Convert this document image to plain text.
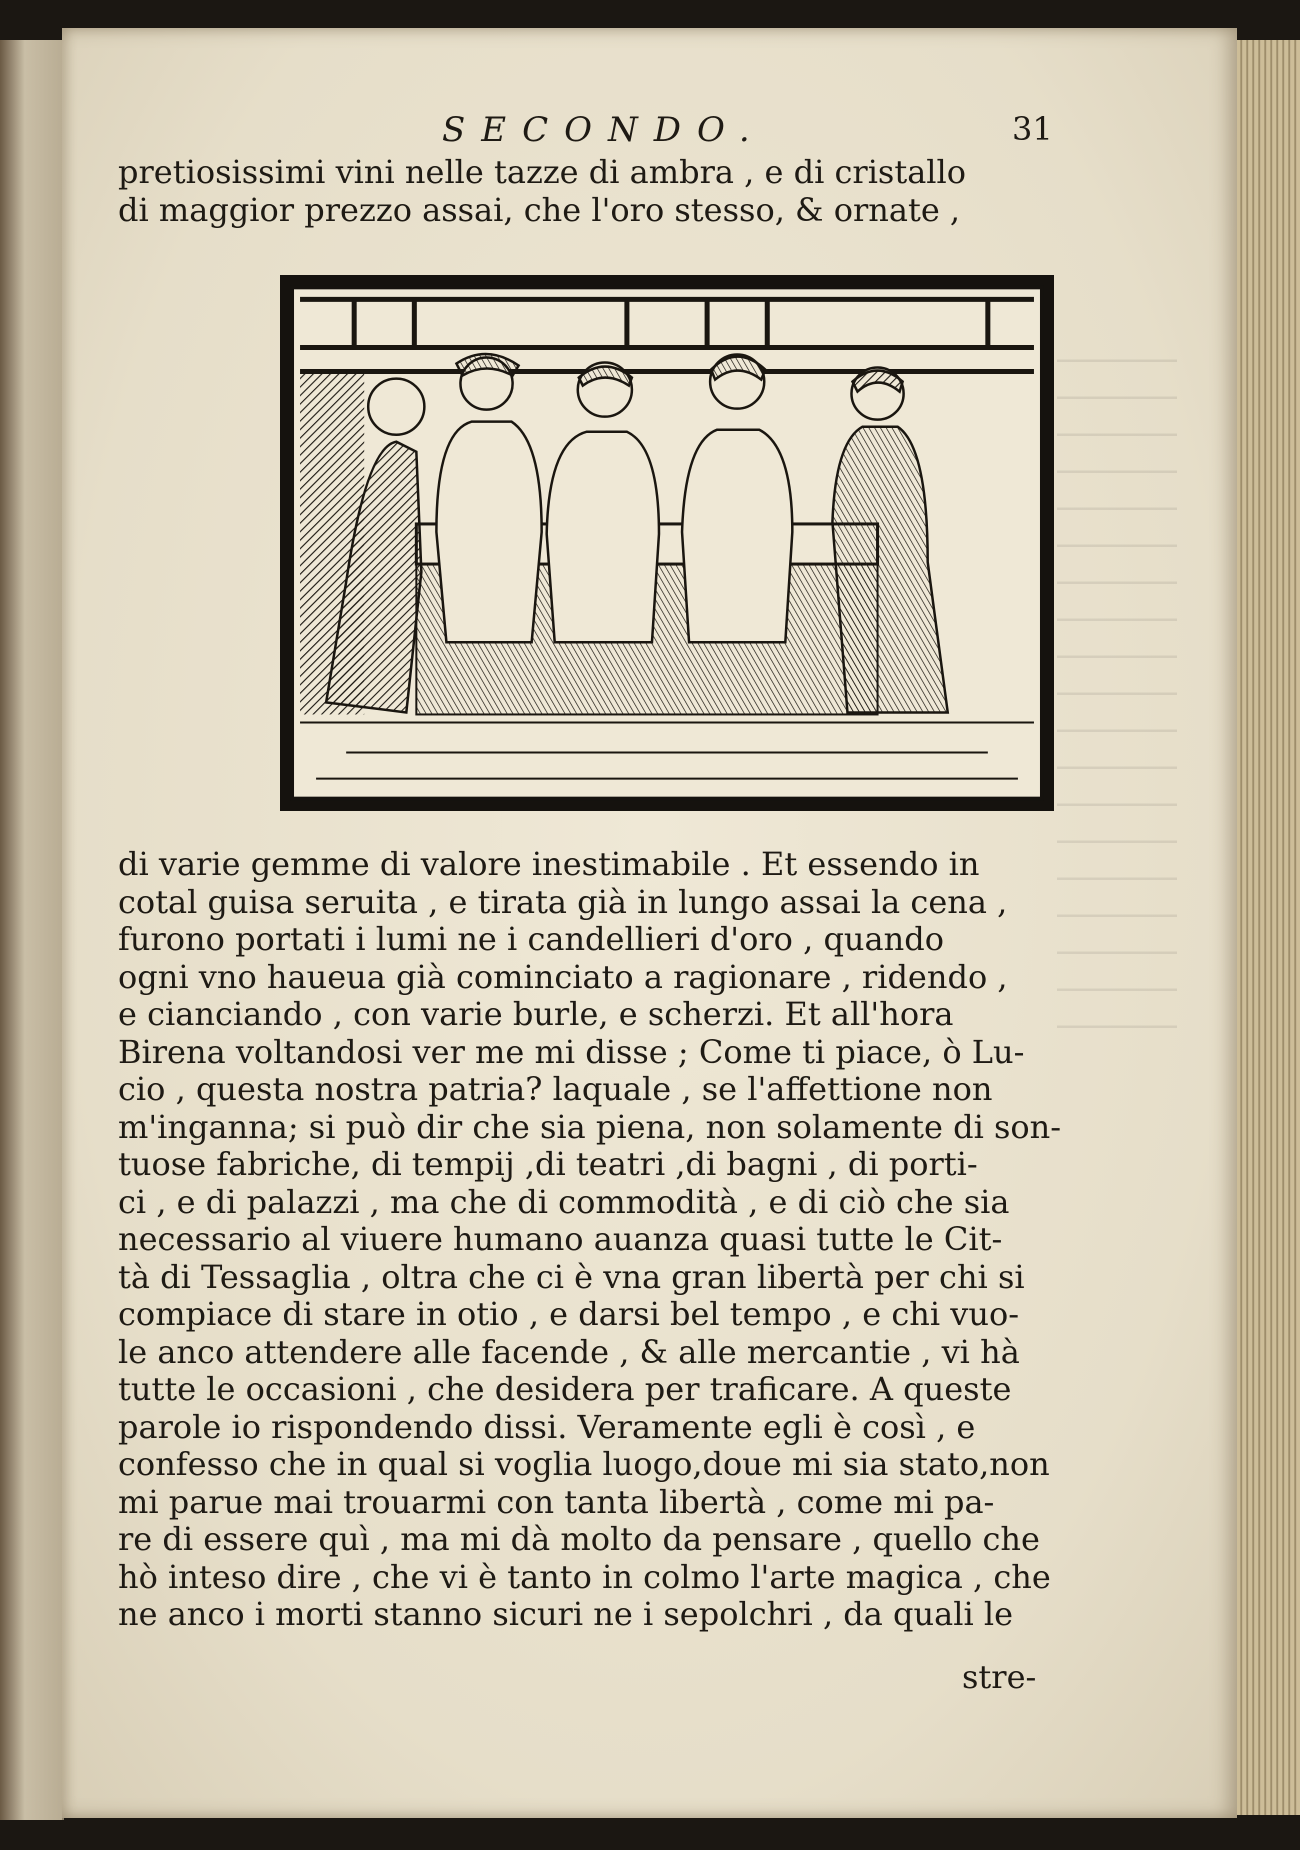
SECONDO.	31
pretiosissimi vini nelle tazze di ambra , e di cristallo
di maggior prezzo assai, che l'oro stesso, & ornate ,
di varie gemme di valore inestimabile . Et essendo in
cotal guisa seruita , e tirata già in lungo assai la cena ,
furono portati i lumi ne i candellieri d'oro , quando
ogni vno haueua già cominciato a ragionare , ridendo ,
e cianciando , con varie burle, e scherzi. Et all'hora
Birena voltandosi ver me mi disse ; Come ti piace, ò Lu-
cio , questa nostra patria? laquale , se l'affettione non
m'inganna; si può dir che sia piena, non solamente di son-
tuose fabriche, di tempij ,di teatri ,di bagni , di porti-
ci , e di palazzi , ma che di commodità , e di ciò che sia
necessario al viuere humano auanza quasi tutte le Cit-
tà di Tessaglia , oltra che ci è vna gran libertà per chi si
compiace di stare in otio , e darsi bel tempo , e chi vuo-
le anco attendere alle facende , & alle mercantie , vi hà
tutte le occasioni , che desidera per traficare. A queste
parole io rispondendo dissi. Veramente egli è così , e
confesso che in qual si voglia luogo,doue mi sia stato,non
mi parue mai trouarmi con tanta libertà , come mi pa-
re di essere quì , ma mi dà molto da pensare , quello che
hò inteso dire , che vi è tanto in colmo l'arte magica , che
ne anco i morti stanno sicuri ne i sepolchri , da quali le
stre-
